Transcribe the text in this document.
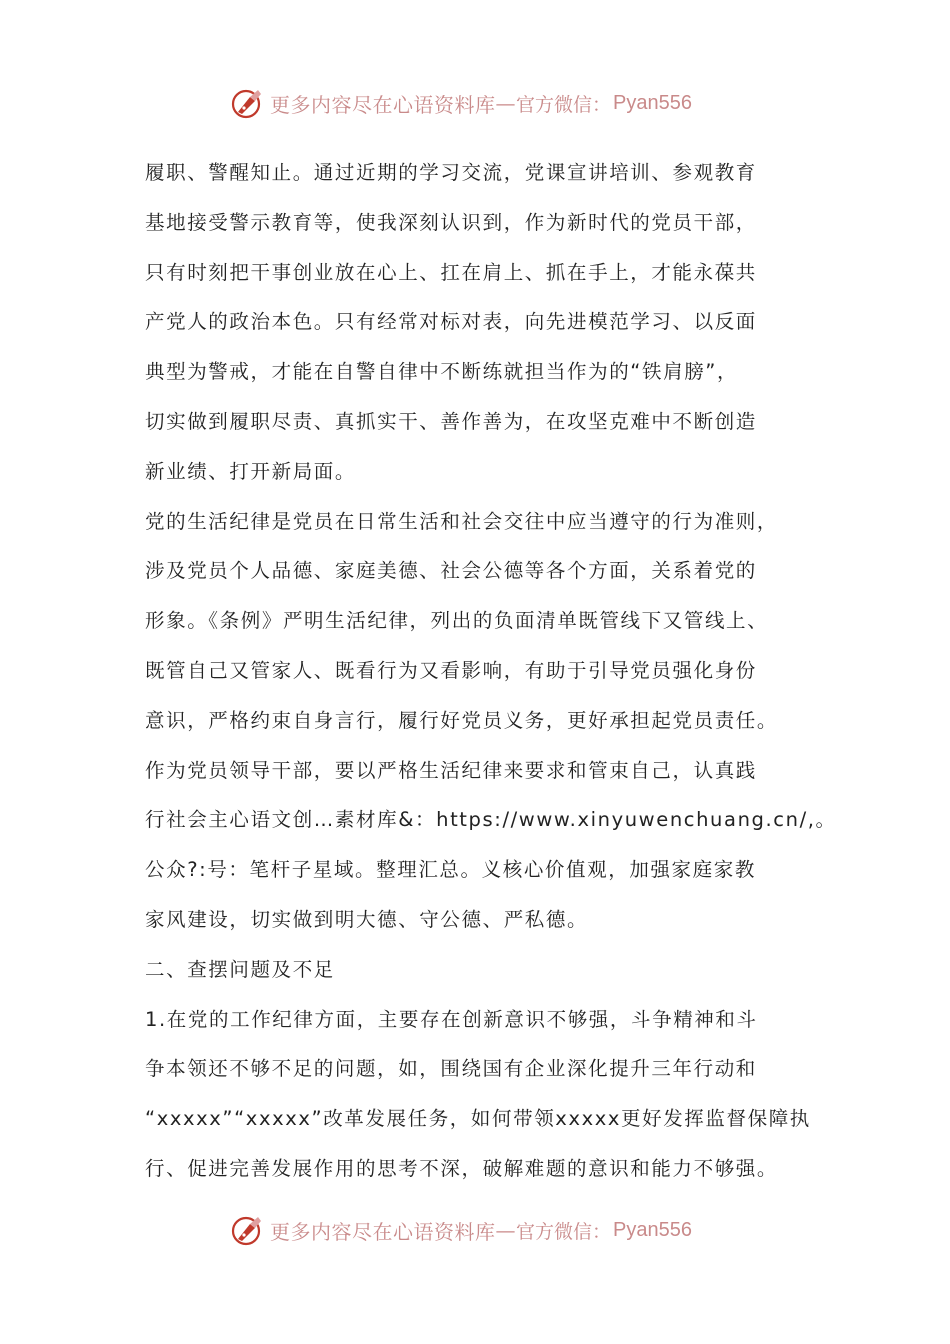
更多内容尽在心语资料库 — 官方微信： Pyan556
履职、警醒知止。通过近期的学习交流，党课宣讲培训、参观教育
基地接受警示教育等，使我深刻认识到，作为新时代的党员干部，
只有时刻把干事创业放在心上、扛在肩上、抓在手上，才能永葆共
产党人的政治本色。只有经常对标对表，向先进模范学习、以反面
典型为警戒，才能在自警自律中不断练就担当作为的“铁肩膀”，
切实做到履职尽责、真抓实干、善作善为，在攻坚克难中不断创造
新业绩、打开新局面。
党的生活纪律是党员在日常生活和社会交往中应当遵守的行为准则，
涉及党员个人品德、家庭美德、社会公德等各个方面，关系着党的
形象。《条例》严明生活纪律，列出的负面清单既管线下又管线上、
既管自己又管家人、既看行为又看影响，有助于引导党员强化身份
意识，严格约束自身言行，履行好党员义务，更好承担起党员责任。
作为党员领导干部，要以严格生活纪律来要求和管束自己，认真践
行社会主心语文创…素材库&：https://www.xinyuwenchuang.cn/,。
公众?:号：笔杆子星域。整理汇总。义核心价值观，加强家庭家教
家风建设，切实做到明大德、守公德、严私德。
二、查摆问题及不足
1.在党的工作纪律方面，主要存在创新意识不够强，斗争精神和斗
争本领还不够不足的问题，如，围绕国有企业深化提升三年行动和
“xxxxx”“xxxxx”改革发展任务，如何带领xxxxx更好发挥监督保障执
行、促进完善发展作用的思考不深，破解难题的意识和能力不够强。
更多内容尽在心语资料库 — 官方微信： Pyan556
